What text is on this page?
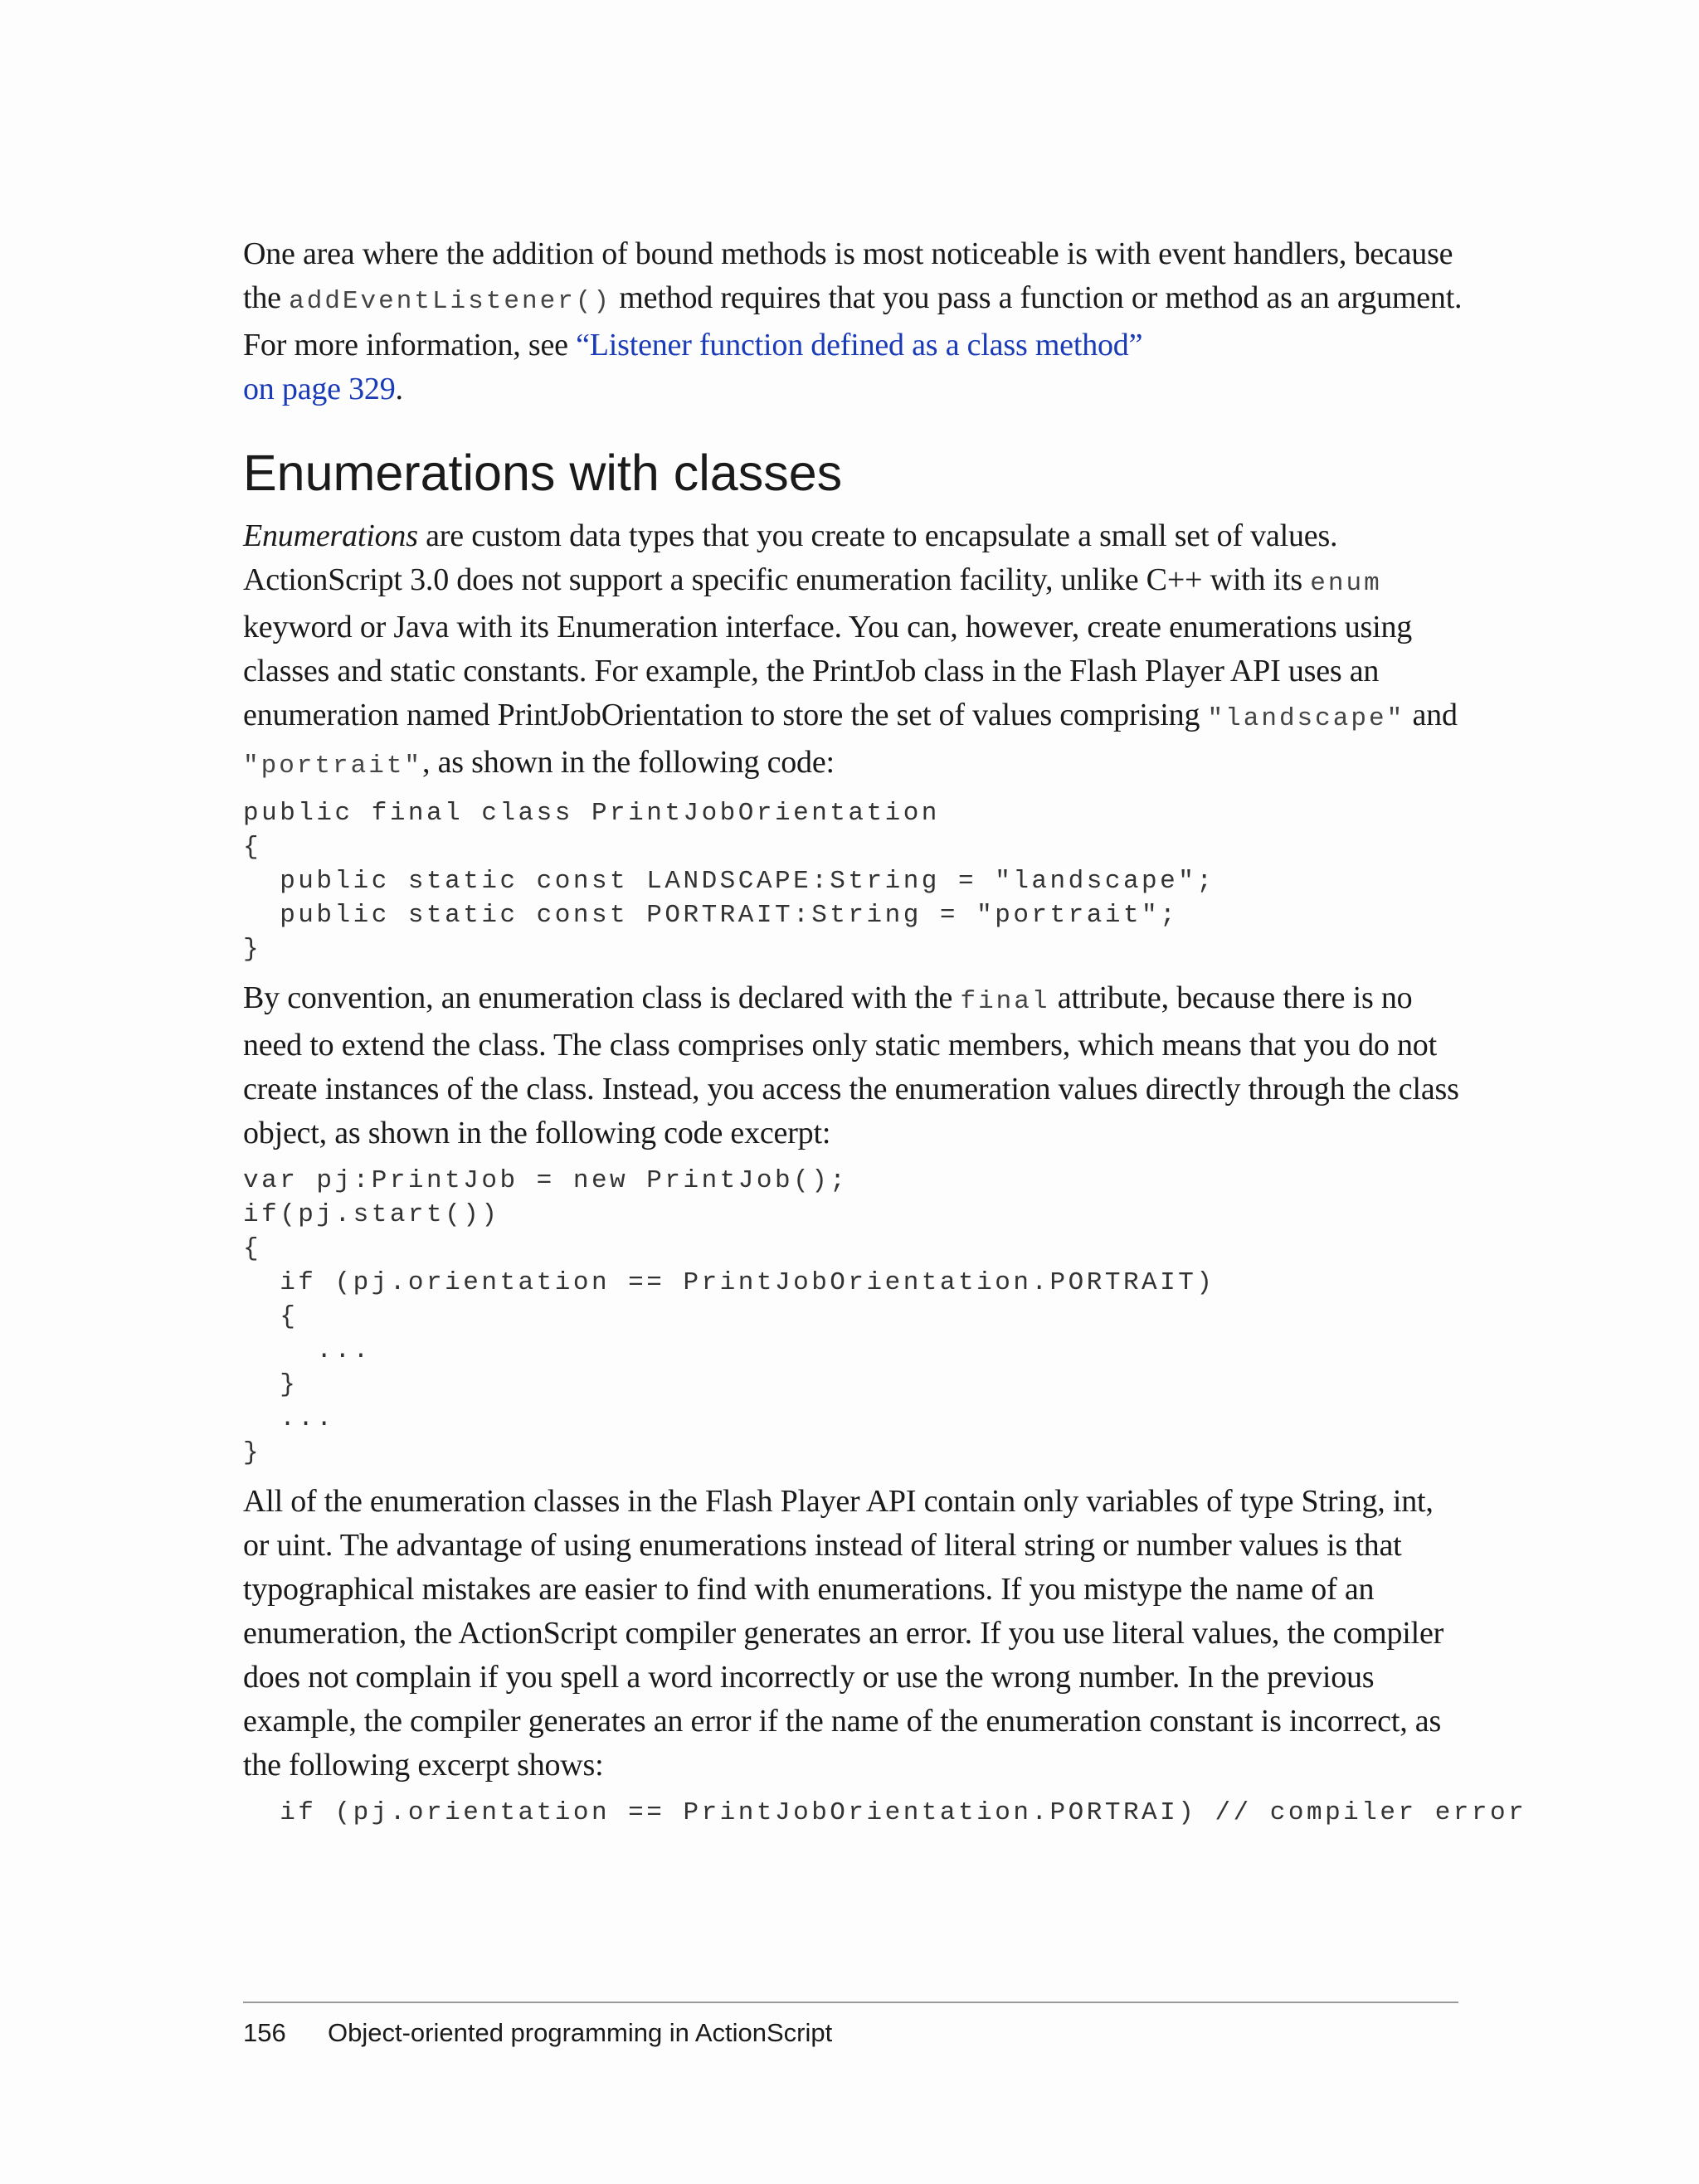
One area where the addition of bound methods is most noticeable is with event handlers, because the addEventListener() method requires that you pass a function or method as an argument. For more information, see “Listener function defined as a class method”
on page 329.

Enumerations with classes

Enumerations are custom data types that you create to encapsulate a small set of values. ActionScript 3.0 does not support a specific enumeration facility, unlike C++ with its enum keyword or Java with its Enumeration interface. You can, however, create enumerations using classes and static constants. For example, the PrintJob class in the Flash Player API uses an enumeration named PrintJobOrientation to store the set of values comprising "landscape" and "portrait", as shown in the following code:

public final class PrintJobOrientation
{
public static const LANDSCAPE:String = "landscape";
public static const PORTRAIT:String = "portrait";
}

By convention, an enumeration class is declared with the final attribute, because there is no need to extend the class. The class comprises only static members, which means that you do not create instances of the class. Instead, you access the enumeration values directly through the class object, as shown in the following code excerpt:

var pj:PrintJob = new PrintJob();
if(pj.start())
{
if (pj.orientation == PrintJobOrientation.PORTRAIT)
{
...
}
...
}

All of the enumeration classes in the Flash Player API contain only variables of type String, int, or uint. The advantage of using enumerations instead of literal string or number values is that typographical mistakes are easier to find with enumerations. If you mistype the name of an enumeration, the ActionScript compiler generates an error. If you use literal values, the compiler does not complain if you spell a word incorrectly or use the wrong number. In the previous example, the compiler generates an error if the name of the enumeration constant is incorrect, as the following excerpt shows:

if (pj.orientation == PrintJobOrientation.PORTRAI) // compiler error
156 Object-oriented programming in ActionScript
